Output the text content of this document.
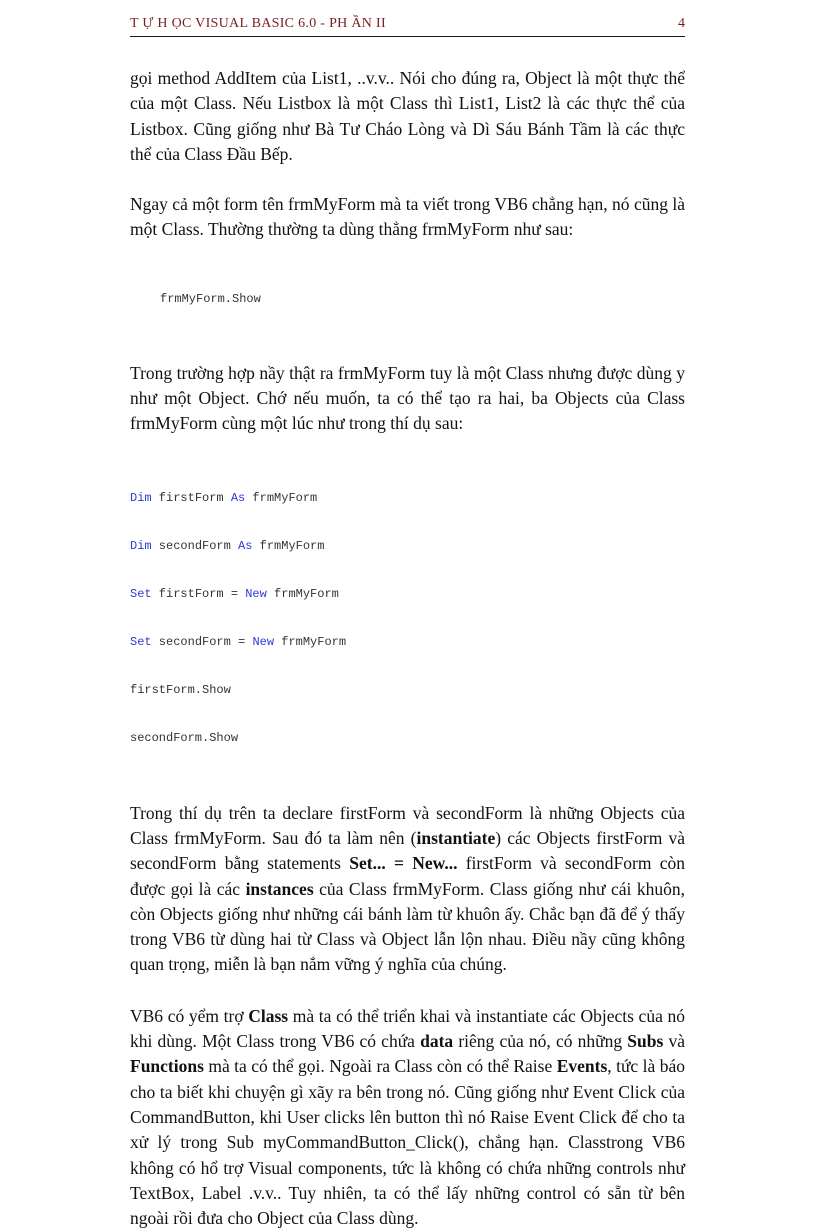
T Ự H ỌC VISUAL BASIC 6.0 - PH ẦN II	4

gọi method AddItem của List1, ..v.v.. Nói cho đúng ra, Object là một thực thể của một Class. Nếu Listbox là một Class thì List1, List2 là các thực thể của Listbox. Cũng giống như Bà Tư Cháo Lòng và Dì Sáu Bánh Tầm là các thực thể của Class Đầu Bếp.

Ngay cả một form tên frmMyForm mà ta viết trong VB6 chẳng hạn, nó cũng là một Class. Thường thường ta dùng thẳng frmMyForm như sau:

frmMyForm.Show

Trong trường hợp nầy thật ra frmMyForm tuy là một Class nhưng được dùng y như một Object. Chớ nếu muốn, ta có thể tạo ra hai, ba Objects của Class frmMyForm cùng một lúc như trong thí dụ sau:

Dim firstForm As frmMyForm

Dim secondForm As frmMyForm

Set firstForm = New frmMyForm

Set secondForm = New frmMyForm

firstForm.Show

secondForm.Show

Trong thí dụ trên ta declare firstForm và secondForm là những Objects của Class frmMyForm. Sau đó ta làm nên (instantiate) các Objects firstForm và secondForm bằng statements Set... = New... firstForm và secondForm còn được gọi là các instances của Class frmMyForm. Class giống như cái khuôn, còn Objects giống như những cái bánh làm từ khuôn ấy. Chắc bạn đã để ý thấy trong VB6 từ dùng hai từ Class và Object lẫn lộn nhau. Điều nầy cũng không quan trọng, miễn là bạn nắm vững ý nghĩa của chúng.

VB6 có yểm trợ Class mà ta có thể triển khai và instantiate các Objects của nó khi dùng. Một Class trong VB6 có chứa data riêng của nó, có những Subs và Functions mà ta có thể gọi. Ngoài ra Class còn có thể Raise Events, tức là báo cho ta biết khi chuyện gì xãy ra bên trong nó. Cũng giống như Event Click của CommandButton, khi User clicks lên button thì nó Raise Event Click để cho ta xử lý trong Sub myCommandButton_Click(), chẳng hạn. Classtrong VB6 không có hổ trợ Visual components, tức là không có chứa những controls như TextBox, Label .v.v.. Tuy nhiên, ta có thể lấy những control có sẵn từ bên ngoài rồi đưa cho Object của Class dùng.
